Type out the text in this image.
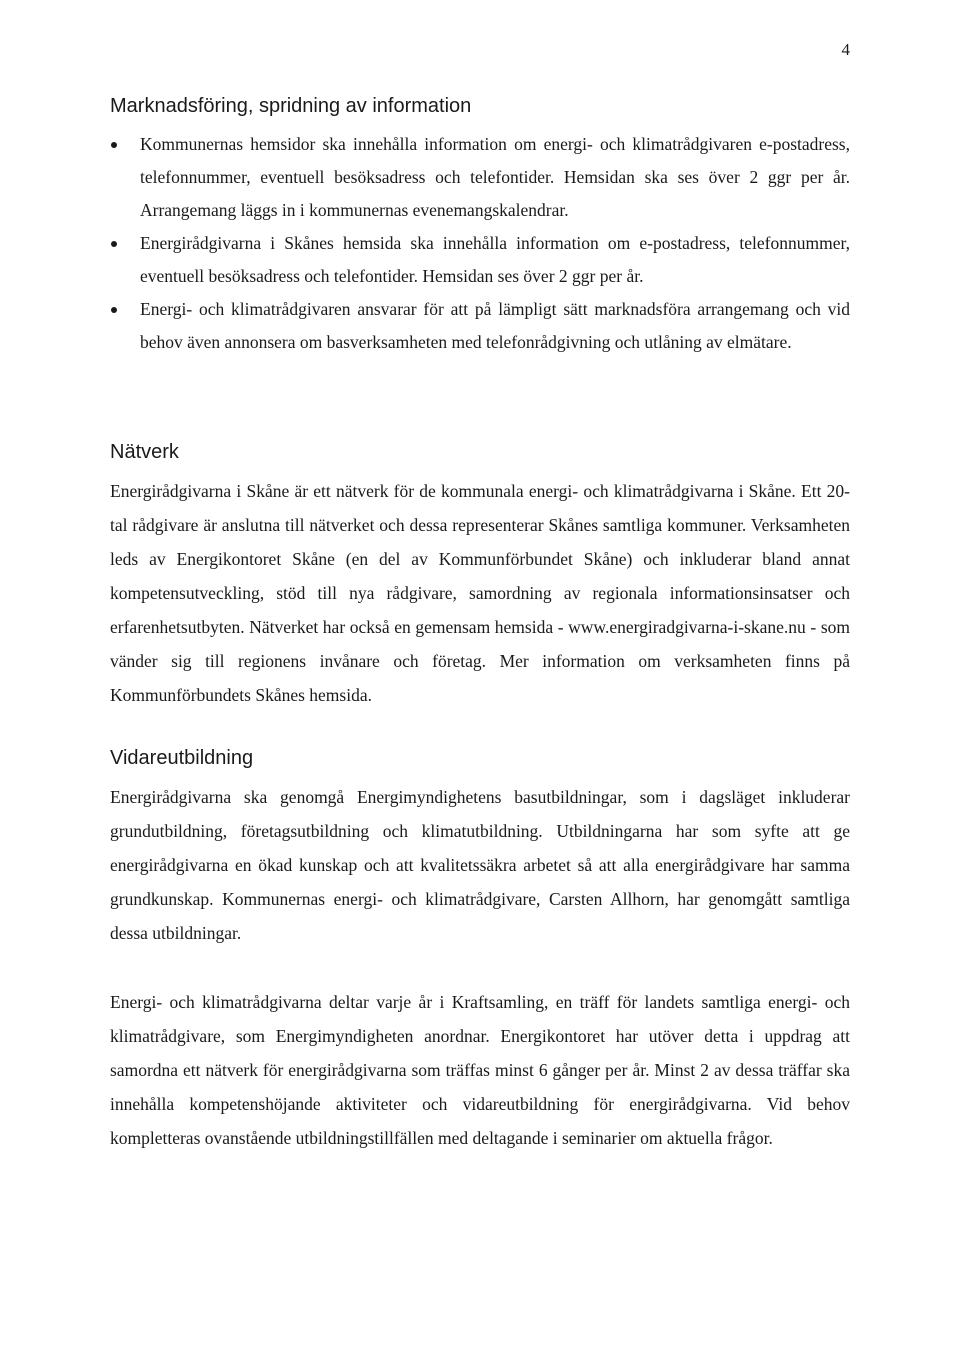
4
Marknadsföring, spridning av information
Kommunernas hemsidor ska innehålla information om energi- och klimatrådgivaren e-postadress, telefonnummer, eventuell besöksadress och telefontider. Hemsidan ska ses över 2 ggr per år. Arrangemang läggs in i kommunernas evenemangskalendrar.
Energirådgivarna i Skånes hemsida ska innehålla information om e-postadress, telefonnummer, eventuell besöksadress och telefontider. Hemsidan ses över 2 ggr per år.
Energi- och klimatrådgivaren ansvarar för att på lämpligt sätt marknadsföra arrangemang och vid behov även annonsera om basverksamheten med telefonrådgivning och utlåning av elmätare.
Nätverk

Energirådgivarna i Skåne är ett nätverk för de kommunala energi- och klimatrådgivarna i Skåne. Ett 20-tal rådgivare är anslutna till nätverket och dessa representerar Skånes samtliga kommuner. Verksamheten leds av Energikontoret Skåne (en del av Kommunförbundet Skåne) och inkluderar bland annat kompetensutveckling, stöd till nya rådgivare, samordning av regionala informationsinsatser och erfarenhetsutbyten. Nätverket har också en gemensam hemsida - www.energiradgivarna-i-skane.nu - som vänder sig till regionens invånare och företag. Mer information om verksamheten finns på Kommunförbundets Skånes hemsida.

Vidareutbildning

Energirådgivarna ska genomgå Energimyndighetens basutbildningar, som i dagsläget inkluderar grundutbildning, företagsutbildning och klimatutbildning. Utbildningarna har som syfte att ge energirådgivarna en ökad kunskap och att kvalitetssäkra arbetet så att alla energirådgivare har samma grundkunskap. Kommunernas energi- och klimatrådgivare, Carsten Allhorn, har genomgått samtliga dessa utbildningar.

Energi- och klimatrådgivarna deltar varje år i Kraftsamling, en träff för landets samtliga energi- och klimatrådgivare, som Energimyndigheten anordnar. Energikontoret har utöver detta i uppdrag att samordna ett nätverk för energirådgivarna som träffas minst 6 gånger per år. Minst 2 av dessa träffar ska innehålla kompetenshöjande aktiviteter och vidareutbildning för energirådgivarna. Vid behov kompletteras ovanstående utbildningstillfällen med deltagande i seminarier om aktuella frågor.
